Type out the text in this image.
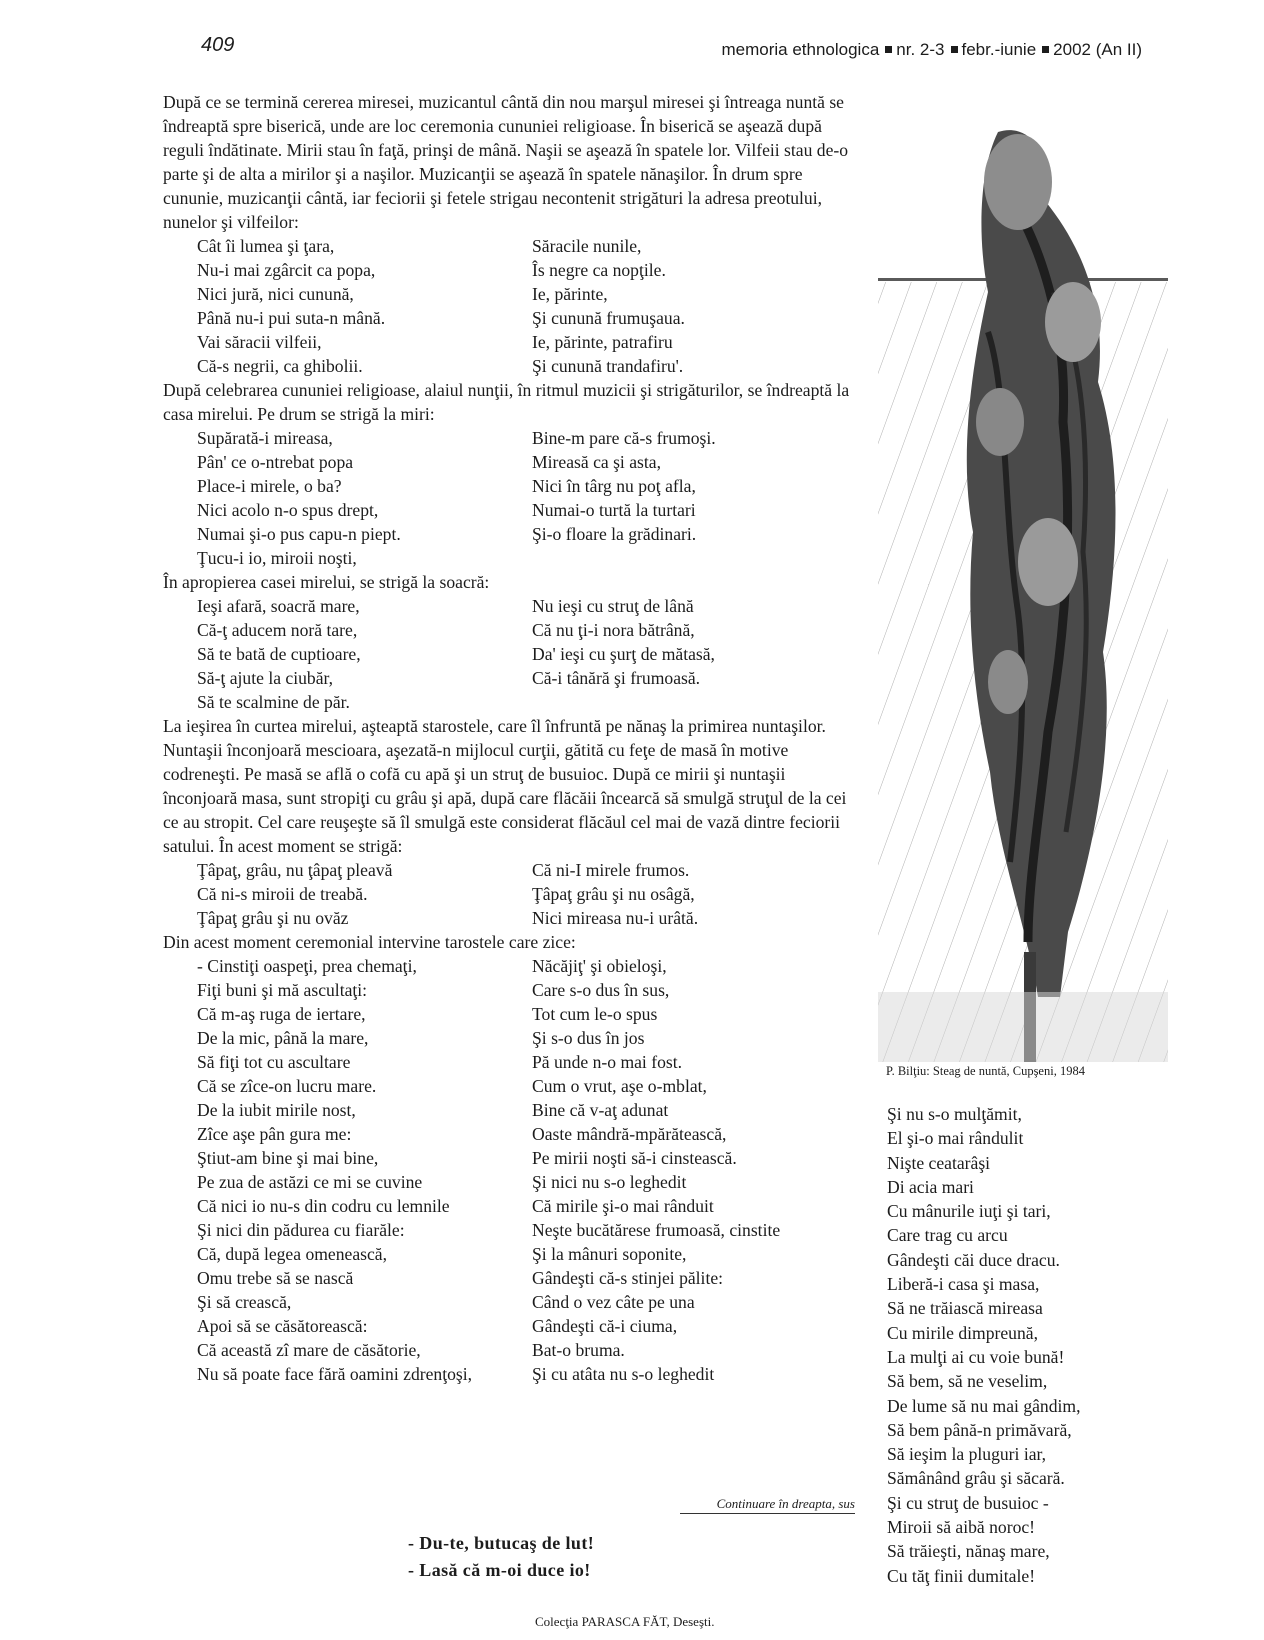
409	memoria ethnologica nr. 2-3 febr.-iunie 2002 (An II)

După ce se termină cererea miresei, muzicantul cântă din nou marşul miresei şi întreaga nuntă se îndreaptă spre biserică, unde are loc ceremonia cununiei religioase. În biserică se aşează după reguli îndătinate. Mirii stau în faţă, prinşi de mână. Naşii se aşează în spatele lor. Vilfeii stau de-o parte şi de alta a mirilor şi a naşilor. Muzicanţii se aşează în spatele nănaşilor. În drum spre cununie, muzicanţii cântă, iar feciorii şi fetele strigau necontenit strigături la adresa preotului, nunelor şi vilfeilor:

Cât îi lumea şi ţara,
Nu-i mai zgârcit ca popa,
Nici jură, nici cunună,
Până nu-i pui suta-n mână.
Vai săracii vilfeii,
Că-s negrii, ca ghibolii.
Săracile nunile,
Îs negre ca nopţile.
Ie, părinte,
Şi cunună frumuşaua.
Ie, părinte, patrafiru
Şi cunună trandafiru'.

După celebrarea cununiei religioase, alaiul nunţii, în ritmul muzicii şi strigăturilor, se îndreaptă la casa mirelui. Pe drum se strigă la miri:

Supărată-i mireasa,
Pân' ce o-ntrebat popa
Place-i mirele, o ba?
Nici acolo n-o spus drept,
Numai şi-o pus capu-n piept.
Ţucu-i io, miroii noşti,
Bine-m pare că-s frumoşi.
Mireasă ca şi asta,
Nici în târg nu poţ afla,
Numai-o turtă la turtari
Şi-o floare la grădinari.

În apropierea casei mirelui, se strigă la soacră:

Ieşi afară, soacră mare,
Că-ţ aducem noră tare,
Să te bată de cuptioare,
Să-ţ ajute la ciubăr,
Să te scalmine de păr.
Nu ieşi cu struţ de lână
Că nu ţi-i nora bătrână,
Da' ieşi cu şurţ de mătasă,
Că-i tânără şi frumoasă.

La ieşirea în curtea mirelui, aşteaptă starostele, care îl înfruntă pe nănaş la primirea nuntaşilor. Nuntaşii înconjoară mescioara, aşezată-n mijlocul curţii, gătită cu feţe de masă în motive codreneşti. Pe masă se află o cofă cu apă şi un struţ de busuioc. După ce mirii şi nuntaşii înconjoară masa, sunt stropiţi cu grâu şi apă, după care flăcăii încearcă să smulgă struţul de la cei ce au stropit. Cel care reuşeşte să îl smulgă este considerat flăcăul cel mai de vază dintre feciorii satului. În acest moment se strigă:

Ţâpaţ, grâu, nu ţâpaţ pleavă
Că ni-s miroii de treabă.
Ţâpaţ grâu şi nu ovăz
Că ni-I mirele frumos.
Ţâpaţ grâu şi nu osâgă,
Nici mireasa nu-i urâtă.

Din acest moment ceremonial intervine tarostele care zice:

- Cinstiţi oaspeţi, prea chemaţi,
Fiţi buni şi mă ascultaţi:
Că m-aş ruga de iertare,
De la mic, până la mare,
Să fiţi tot cu ascultare
Că se zîce-on lucru mare.
De la iubit mirile nost,
Zîce aşe pân gura me:
Ştiut-am bine şi mai bine,
Pe zua de astăzi ce mi se cuvine
Că nici io nu-s din codru cu lemnile
Şi nici din pădurea cu fiarăle:
Că, după legea omenească,
Omu trebe să se nască
Şi să crească,
Apoi să se căsătorească:
Că această zî mare de căsătorie,
Nu să poate face fără oamini zdrenţoşi,
Năcăjiţ' şi obieloşi,
Care s-o dus în sus,
Tot cum le-o spus
Şi s-o dus în jos
Pă unde n-o mai fost.
Cum o vrut, aşe o-mblat,
Bine că v-aţ adunat
Oaste mândră-mpărătească,
Pe mirii noşti să-i cinstească.
Şi nici nu s-o leghedit
Că mirile şi-o mai rânduit
Neşte bucătărese frumoasă, cinstite
Şi la mânuri soponite,
Gândeşti că-s stinjei pălite:
Când o vez câte pe una
Gândeşti că-i ciuma,
Bat-o bruma.
Şi cu atâta nu s-o leghedit
P. Bilţiu: Steag de nuntă, Cupşeni, 1984
Şi nu s-o mulţămit,
El şi-o mai rândulit
Nişte ceatarâşi
Di acia mari
Cu mânurile iuţi şi tari,
Care trag cu arcu
Gândeşti căi duce dracu.
Liberă-i casa şi masa,
Să ne trăiască mireasa
Cu mirile dimpreună,
La mulţi ai cu voie bună!
Să bem, să ne veselim,
De lume să nu mai gândim,
Să bem până-n primăvară,
Să ieşim la pluguri iar,
Sămânând grâu şi săcară.
Şi cu struţ de busuioc -
Miroii să aibă noroc!
Să trăieşti, nănaş mare,
Cu tăţ finii dumitale!
Continuare în dreapta, sus
- Du-te, butucaş de lut!
- Lasă că m-oi duce io!
Colecţia PARASCA FĂT, Deseşti.
